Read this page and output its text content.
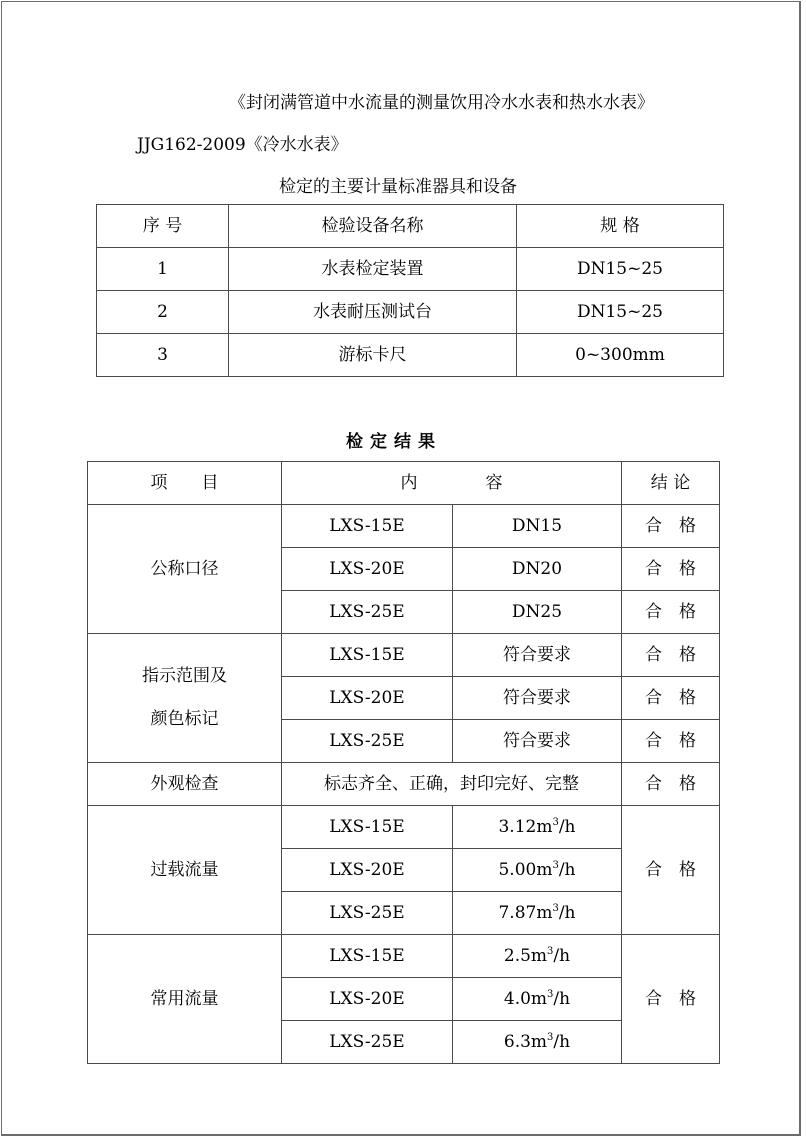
《封闭满管道中水流量的测量饮用冷水水表和热水水表》
JJG162-2009《冷水水表》
检定的主要计量标准器具和设备
序 号	检验设备名称	规 格
1	水表检定装置	DN15~25
2	水表耐压测试台	DN15~25
3	游标卡尺	0~300mm
检定结果
项　　目	内　　　　容		结 论
公称口径	LXS-15E	DN15	合　格
	LXS-20E	DN20	合　格
	LXS-25E	DN25	合　格

指示范围及
颜色标记	LXS-15E	符合要求	合　格
	LXS-20E	符合要求	合　格
	LXS-25E	符合要求	合　格
外观检查	标志齐全、正确，封印完好、完整		合　格
过载流量	LXS-15E	$3.12m^3/h$	合　格
	LXS-20E	$5.00m^3/h$	
	LXS-25E	$7.87m^3/h$	
常用流量	LXS-15E	$2.5m^3/h$	合　格
	LXS-20E	$4.0m^3/h$	
	LXS-25E	$6.3m^3/h$	
